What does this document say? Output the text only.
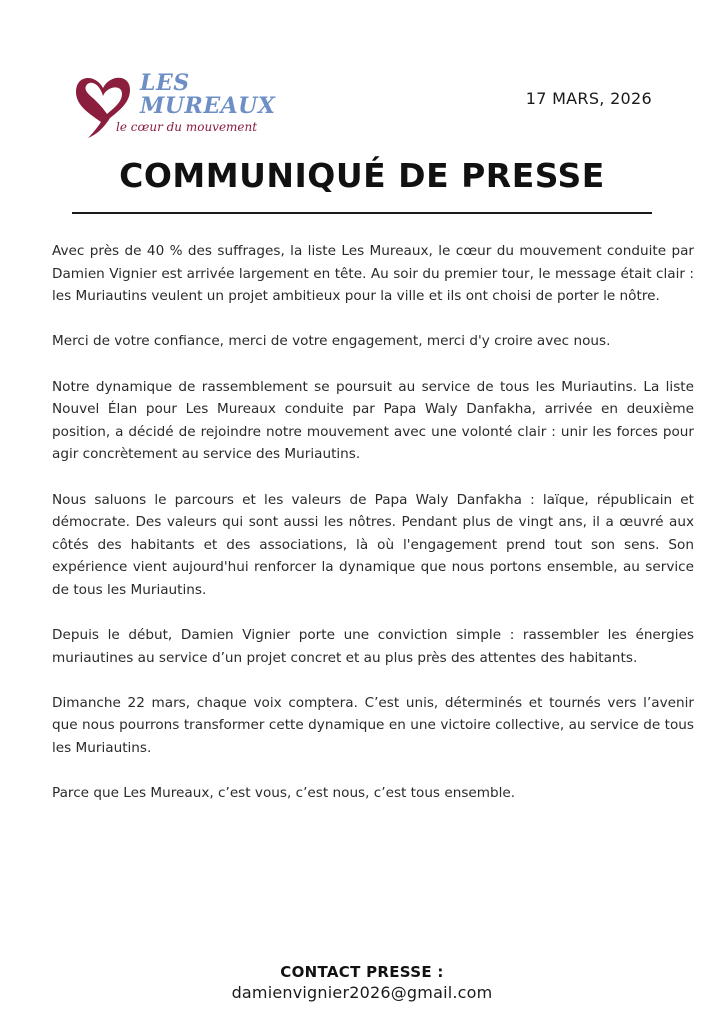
LES
MUREAUX
le cœur du mouvement
17 MARS, 2026
COMMUNIQUÉ DE PRESSE

Avec près de 40 % des suffrages, la liste Les Mureaux, le cœur du mouvement conduite par Damien Vignier est arrivée largement en tête. Au soir du premier tour, le message était clair : les Muriautins veulent un projet ambitieux pour la ville et ils ont choisi de porter le nôtre.

Merci de votre confiance, merci de votre engagement, merci d'y croire avec nous.

Notre dynamique de rassemblement se poursuit au service de tous les Muriautins. La liste Nouvel Élan pour Les Mureaux conduite par Papa Waly Danfakha, arrivée en deuxième position, a décidé de rejoindre notre mouvement avec une volonté clair : unir les forces pour agir concrètement au service des Muriautins.

Nous saluons le parcours et les valeurs de Papa Waly Danfakha : laïque, républicain et démocrate. Des valeurs qui sont aussi les nôtres. Pendant plus de vingt ans, il a œuvré aux côtés des habitants et des associations, là où l'engagement prend tout son sens. Son expérience vient aujourd'hui renforcer la dynamique que nous portons ensemble, au service de tous les Muriautins.

Depuis le début, Damien Vignier porte une conviction simple : rassembler les énergies muriautines au service d’un projet concret et au plus près des attentes des habitants.

Dimanche 22 mars, chaque voix comptera. C’est unis, déterminés et tournés vers l’avenir que nous pourrons transformer cette dynamique en une victoire collective, au service de tous les Muriautins.

Parce que Les Mureaux, c’est vous, c’est nous, c’est tous ensemble.

CONTACT PRESSE :
damienvignier2026@gmail.com
